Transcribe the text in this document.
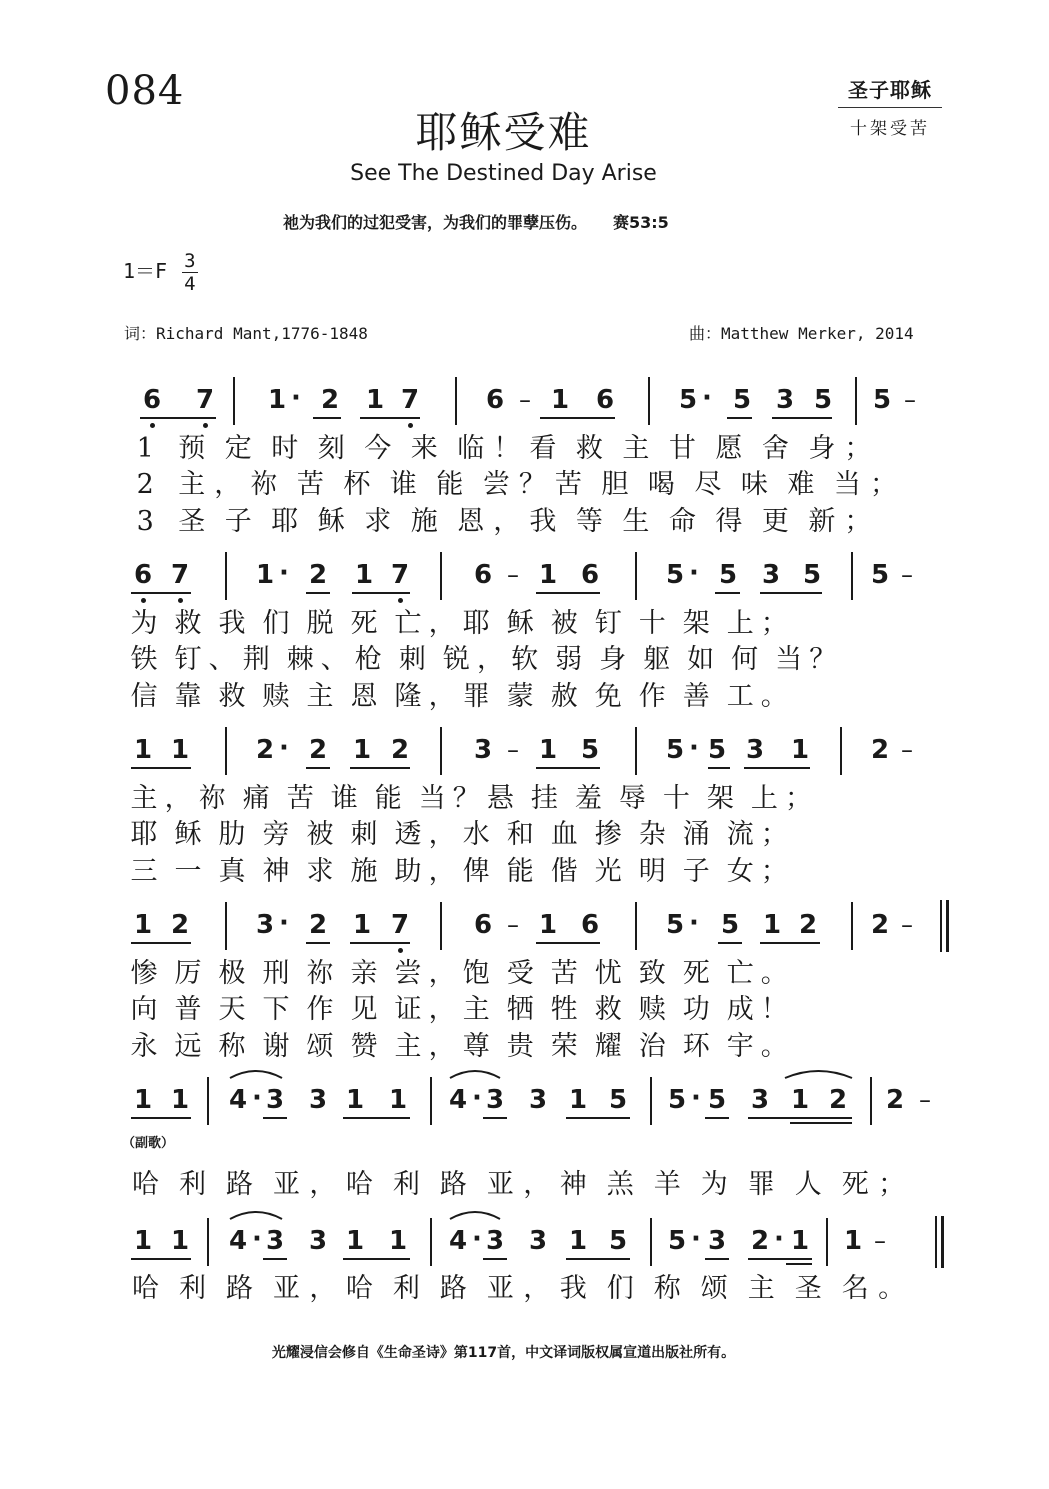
084	圣子耶稣
十架受苦
耶稣受难
See The Destined Day Arise
祂为我们的过犯受害，为我们的罪孽压伤。 赛53:5
$1=F \frac{3}{4}$
词：Richard Mant,1776-1848	曲：Matthew Merker, 2014
6	7	1	2	1 7	6 – 1	6	5	5 3 5	5 –
·	·
6 7	1	2	1 7	6 – 1 6	5	5 3 5	5 –
·	·
1 1	2	2 1 2	3 – 1 5	5 5 3	1	2 –
·	·
1 2	3	2 1 7	6 – 1 6	5	5 1 2	2 –
·	·
1 1	4 3 3 1 1	4 3 3 1 5	5 5 3 1 2	2 –
·	·	·
1 1	4 3 3 1 1	4 3 3 1 5	5 3 2 1	1 –
·	·	·	·
1 预 定 时 刻 今 来 临 ！ 看 救 主 甘 愿 舍 身 ；
2 主 ， 祢 苦 杯 谁 能 尝 ？ 苦 胆 喝 尽 味 难 当 ；
3 圣 子 耶 稣 求 施 恩 ， 我 等 生 命 得 更 新 ；
为 救 我 们 脱 死 亡 ， 耶 稣 被 钉 十 架 上 ；
铁 钉 、 荆 棘 、 枪 刺 锐 ， 软 弱 身 躯 如 何 当 ？
信 靠 救 赎 主 恩 隆 ， 罪 蒙 赦 免 作 善 工 。
主 ， 祢 痛 苦 谁 能 当 ？ 悬 挂 羞 辱 十 架 上 ；
耶 稣 肋 旁 被 刺 透 ， 水 和 血 掺 杂 涌 流 ；
三 一 真 神 求 施 助 ， 俾 能 偕 光 明 子 女 ；
惨 厉 极 刑 祢 亲 尝 ， 饱 受 苦 忧 致 死 亡 。
向 普 天 下 作 见 证 ， 主 牺 牲 救 赎 功 成 ！
永 远 称 谢 颂 赞 主 ， 尊 贵 荣 耀 治 环 宇 。
哈 利 路 亚 ， 哈 利 路 亚 ， 神 羔 羊 为 罪 人 死 ；
哈 利 路 亚 ， 哈 利 路 亚 ， 我 们 称 颂 主 圣 名 。
（副歌）
光耀浸信会修自《生命圣诗》第117首，中文译词版权属宣道出版社所有。
